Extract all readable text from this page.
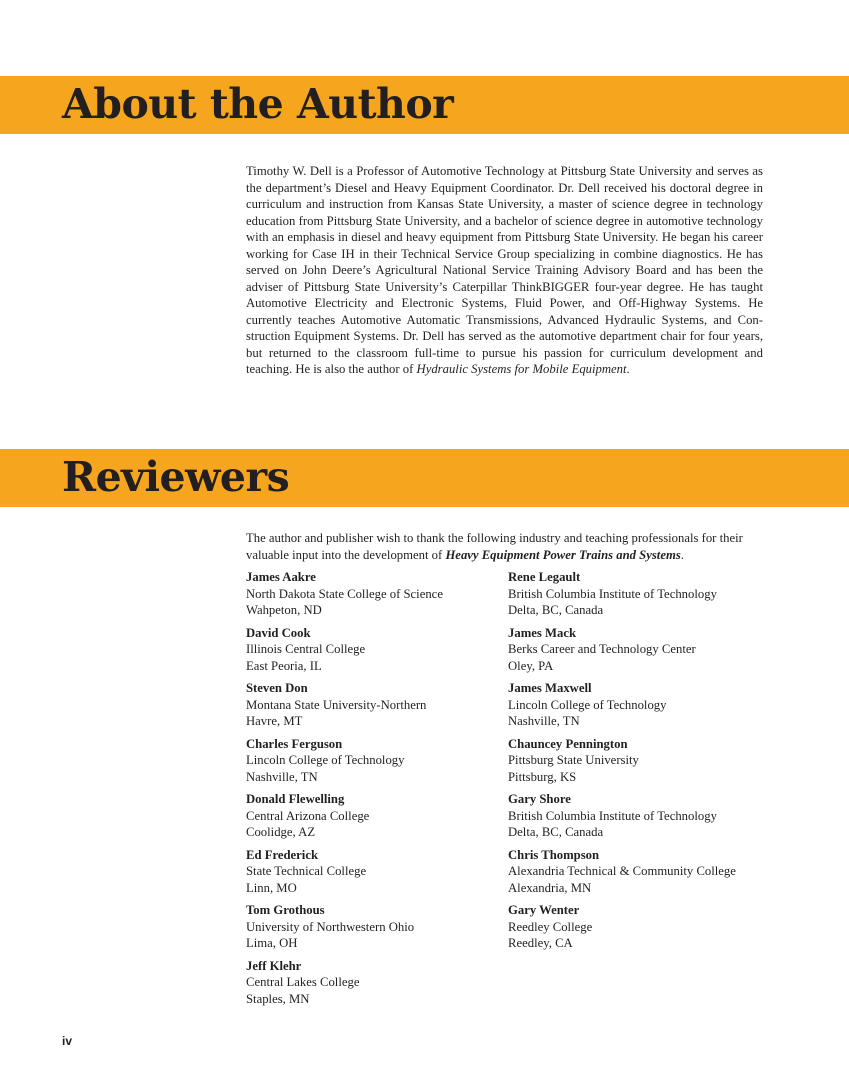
About the Author

Timothy W. Dell is a Professor of Automotive Technology at Pittsburg State University and serves as the department’s Diesel and Heavy Equipment Coordinator. Dr. Dell received his doctoral degree in curriculum and instruction from Kansas State University, a master of science degree in technology education from Pittsburg State University, and a bachelor of science degree in automotive technology with an emphasis in diesel and heavy equipment from Pittsburg State University. He began his career working for Case IH in their Technical Service Group specializing in combine diagnostics. He has served on John Deere’s Agricultural National Service Training Advisory Board and has been the adviser of Pittsburg State University’s Caterpillar ThinkBIGGER four-year degree. He has taught Automotive Electricity and Electronic Systems, Fluid Power, and Off-Highway Systems. He currently teaches Automotive Automatic Transmissions, Advanced Hydraulic Systems, and Construction Equipment Systems. Dr. Dell has served as the automotive department chair for four years, but returned to the classroom full-time to pursue his passion for curriculum development and teaching. He is also the author of Hydraulic Systems for Mobile Equipment.

Reviewers

The author and publisher wish to thank the following industry and teaching professionals for their valuable input into the development of Heavy Equipment Power Trains and Systems.

James Aakre
North Dakota State College of Science
Wahpeton, ND
David Cook
Illinois Central College
East Peoria, IL
Steven Don
Montana State University-Northern
Havre, MT
Charles Ferguson
Lincoln College of Technology
Nashville, TN
Donald Flewelling
Central Arizona College
Coolidge, AZ
Ed Frederick
State Technical College
Linn, MO
Tom Grothous
University of Northwestern Ohio
Lima, OH
Jeff Klehr
Central Lakes College
Staples, MN
Rene Legault
British Columbia Institute of Technology
Delta, BC, Canada
James Mack
Berks Career and Technology Center
Oley, PA
James Maxwell
Lincoln College of Technology
Nashville, TN
Chauncey Pennington
Pittsburg State University
Pittsburg, KS
Gary Shore
British Columbia Institute of Technology
Delta, BC, Canada
Chris Thompson
Alexandria Technical & Community College
Alexandria, MN
Gary Wenter
Reedley College
Reedley, CA
iv
